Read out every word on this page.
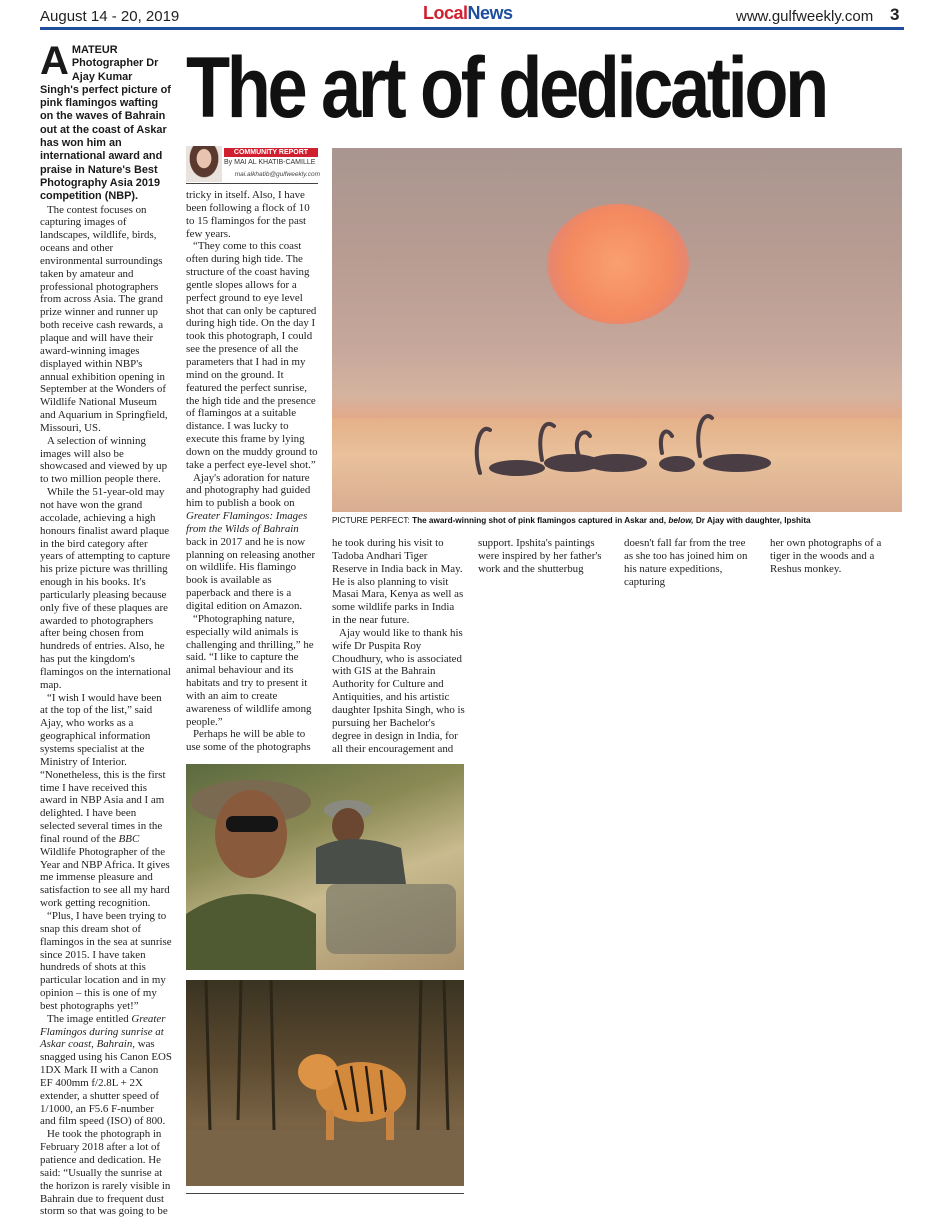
August 14 - 20, 2019	LocalNews	www.gulfweekly.com 3
The art of dedication
AMATEUR Photographer Dr Ajay Kumar Singh's perfect picture of pink flamingos wafting on the waves of Bahrain out at the coast of Askar has won him an international award and praise in Nature's Best Photography Asia 2019 competition (NBP).

The contest focuses on capturing images of landscapes, wildlife, birds, oceans and other environmental surroundings taken by amateur and professional photographers from across Asia. The grand prize winner and runner up both receive cash rewards, a plaque and will have their award-winning images displayed within NBP's annual exhibition opening in September at the Wonders of Wildlife National Museum and Aquarium in Springfield, Missouri, US.

A selection of winning images will also be showcased and viewed by up to two million people there.

While the 51-year-old may not have won the grand accolade, achieving a high honours finalist award plaque in the bird category after years of attempting to capture his prize picture was thrilling enough in his books. It's particularly pleasing because only five of these plaques are awarded to photographers after being chosen from hundreds of entries. Also, he has put the kingdom's flamingos on the international map.

“I wish I would have been at the top of the list,” said Ajay, who works as a geographical information systems specialist at the Ministry of Interior. “Nonetheless, this is the first time I have received this award in NBP Asia and I am delighted. I have been selected several times in the final round of the BBC Wildlife Photographer of the Year and NBP Africa. It gives me immense pleasure and satisfaction to see all my hard work getting recognition.

“Plus, I have been trying to snap this dream shot of flamingos in the sea at sunrise since 2015. I have taken hundreds of shots at this particular location and in my opinion – this is one of my best photographs yet!”

The image entitled Greater Flamingos during sunrise at Askar coast, Bahrain, was snagged using his Canon EOS 1DX Mark II with a Canon EF 400mm f/2.8L + 2X extender, a shutter speed of 1/1000, an F5.6 F-number and film speed (ISO) of 800.

He took the photograph in February 2018 after a lot of patience and dedication. He said: “Usually the sunrise at the horizon is rarely visible in Bahrain due to frequent dust storm so that was going to be

COMMUNITY REPORT
By MAI AL KHATIB-CAMILLE
mai.alkhatib@gulfweekly.com

tricky in itself. Also, I have been following a flock of 10 to 15 flamingos for the past few years.

“They come to this coast often during high tide. The structure of the coast having gentle slopes allows for a perfect ground to eye level shot that can only be captured during high tide. On the day I took this photograph, I could see the presence of all the parameters that I had in my mind on the ground. It featured the perfect sunrise, the high tide and the presence of flamingos at a suitable distance. I was lucky to execute this frame by lying down on the muddy ground to take a perfect eye-level shot.”

Ajay's adoration for nature and photography had guided him to publish a book on Greater Flamingos: Images from the Wilds of Bahrain back in 2017 and he is now planning on releasing another on wildlife. His flamingo book is available as paperback and there is a digital edition on Amazon.

“Photographing nature, especially wild animals is challenging and thrilling,” he said. “I like to capture the animal behaviour and its habitats and try to present it with an aim to create awareness of wildlife among people.”

Perhaps he will be able to use some of the photographs

PICTURE PERFECT: The award-winning shot of pink flamingos captured in Askar and, below, Dr Ajay with daughter, Ipshita

he took during his visit to Tadoba Andhari Tiger Reserve in India back in May. He is also planning to visit Masai Mara, Kenya as well as some wildlife parks in India in the near future.

Ajay would like to thank his wife Dr Puspita Roy Choudhury, who is associated with GIS at the Bahrain Authority for Culture and Antiquities, and his artistic daughter Ipshita Singh, who is pursuing her Bachelor's degree in design in India, for all their encouragement and

support. Ipshita's paintings were inspired by her father's work and the shutterbug

doesn't fall far from the tree as she too has joined him on his nature expeditions, capturing

her own photographs of a tiger in the woods and a Reshus monkey.
